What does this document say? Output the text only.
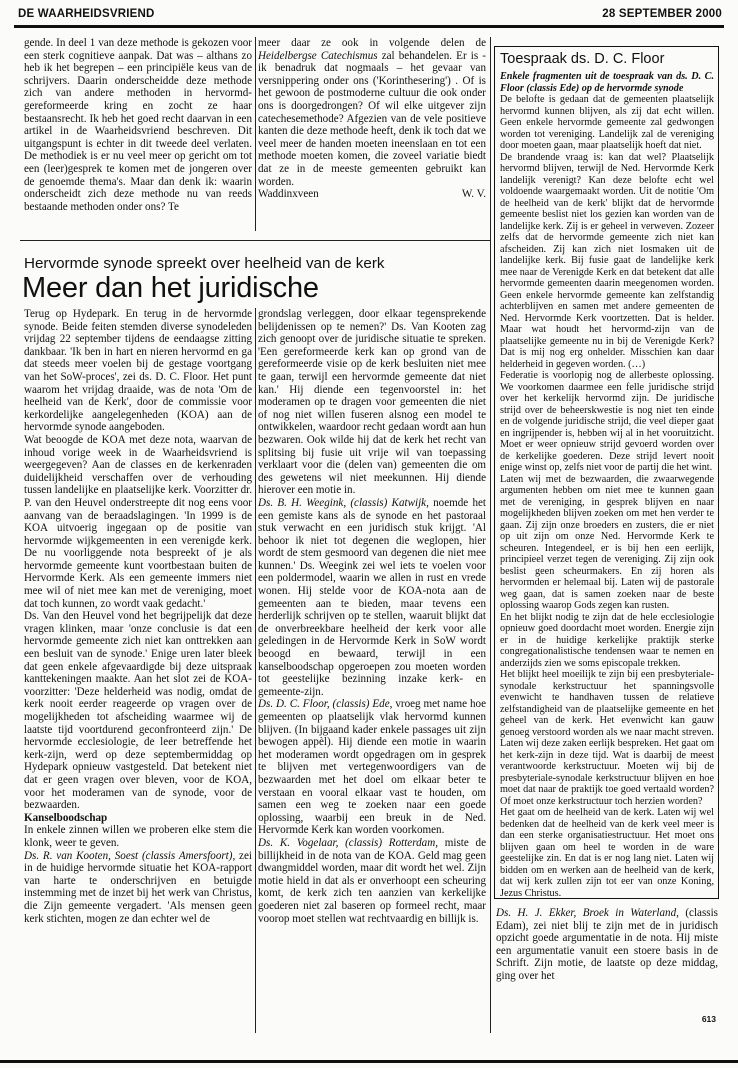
DE WAARHEIDSVRIEND	28 SEPTEMBER 2000

gende. In deel 1 van deze methode is gekozen voor een sterk cognitieve aanpak. Dat was – althans zo heb ik het begrepen – een principiële keus van de schrijvers. Daarin onderscheidde deze methode zich van andere methoden in hervormd-gereformeerde kring en zocht ze haar bestaansrecht. Ik heb het goed recht daarvan in een artikel in de Waarheidsvriend beschreven. Dit uitgangspunt is echter in dit tweede deel verlaten. De methodiek is er nu veel meer op gericht om tot een (leer)gesprek te komen met de jongeren over de genoemde thema's. Maar dan denk ik: waarin onderscheidt zich deze methode nu van reeds bestaande methoden onder ons? Te

meer daar ze ook in volgende delen de Heidelbergse Catechismus zal behandelen. Er is - ik benadruk dat nogmaals – het gevaar van versnippering onder ons ('Korinthesering') . Of is het gewoon de postmoderne cultuur die ook onder ons is doorgedrongen? Of wil elke uitgever zijn catechesemethode? Afgezien van de vele positieve kanten die deze methode heeft, denk ik toch dat we veel meer de handen moeten ineenslaan en tot een methode moeten komen, die zoveel variatie biedt dat ze in de meeste gemeenten gebruikt kan worden.

Waddinxveen	W. V.
Hervormde synode spreekt over heelheid van de kerk
Meer dan het juridische

Terug op Hydepark. En terug in de hervormde synode. Beide feiten stemden diverse synodeleden vrijdag 22 september tijdens de eendaagse zitting dankbaar. 'Ik ben in hart en nieren hervormd en ga dat steeds meer voelen bij de gestage voortgang van het SoW-proces', zei ds. D. C. Floor. Het punt waarom het vrijdag draaide, was de nota 'Om de heelheid van de Kerk', door de commissie voor kerkordelijke aangelegenheden (KOA) aan de hervormde synode aangeboden.

Wat beoogde de KOA met deze nota, waarvan de inhoud vorige week in de Waarheidsvriend is weergegeven? Aan de classes en de kerkenraden duidelijkheid verschaffen over de verhouding tussen landelijke en plaatselijke kerk. Voorzitter dr. P. van den Heuvel onderstreepte dit nog eens voor aanvang van de beraadslagingen. 'In 1999 is de KOA uitvoerig ingegaan op de positie van hervormde wijkgemeenten in een verenigde kerk. De nu voorliggende nota bespreekt of je als hervormde gemeente kunt voortbestaan buiten de Hervormde Kerk. Als een gemeente immers niet mee wil of niet mee kan met de vereniging, moet dat toch kunnen, zo wordt vaak gedacht.'

Ds. Van den Heuvel vond het begrijpelijk dat deze vragen klinken, maar 'onze conclusie is dat een hervormde gemeente zich niet kan onttrekken aan een besluit van de synode.' Enige uren later bleek dat geen enkele afgevaardigde bij deze uitspraak kanttekeningen maakte. Aan het slot zei de KOA-voorzitter: 'Deze helderheid was nodig, omdat de kerk nooit eerder reageerde op vragen over de mogelijkheden tot afscheiding waarmee wij de laatste tijd voortdurend geconfronteerd zijn.' De hervormde ecclesiologie, de leer betreffende het kerk-zijn, werd op deze septembermiddag op Hydepark opnieuw vastgesteld. Dat betekent niet dat er geen vragen over bleven, voor de KOA, voor het moderamen van de synode, voor de bezwaarden.

Kanselboodschap

In enkele zinnen willen we proberen elke stem die klonk, weer te geven.

Ds. R. van Kooten, Soest (classis Amersfoort), zei in de huidige hervormde situatie het KOA-rapport van harte te onderschrijven en betuigde instemming met de inzet bij het werk van Christus, die Zijn gemeente vergadert. 'Als mensen geen kerk stichten, mogen ze dan echter wel de

grondslag verleggen, door elkaar tegensprekende belijdenissen op te nemen?' Ds. Van Kooten zag zich genoopt over de juridische situatie te spreken. 'Een gereformeerde kerk kan op grond van de gereformeerde visie op de kerk besluiten niet mee te gaan, terwijl een hervormde gemeente dat niet kan.' Hij diende een tegenvoorstel in: het moderamen op te dragen voor gemeenten die niet of nog niet willen fuseren alsnog een model te ontwikkelen, waardoor recht gedaan wordt aan hun bezwaren. Ook wilde hij dat de kerk het recht van splitsing bij fusie uit vrije wil van toepassing verklaart voor die (delen van) gemeenten die om des gewetens wil niet meekunnen. Hij diende hierover een motie in.

Ds. B. H. Weegink, (classis) Katwijk, noemde het een gemiste kans als de synode en het pastoraal stuk verwacht en een juridisch stuk krijgt. 'Al behoor ik niet tot degenen die weglopen, hier wordt de stem gesmoord van degenen die niet mee kunnen.' Ds. Weegink zei wel iets te voelen voor een poldermodel, waarin we allen in rust en vrede wonen. Hij stelde voor de KOA-nota aan de gemeenten aan te bieden, maar tevens een herderlijk schrijven op te stellen, waaruit blijkt dat de onverbreekbare heelheid der kerk voor alle geledingen in de Hervormde Kerk in SoW wordt beoogd en bewaard, terwijl in een kanselboodschap opgeroepen zou moeten worden tot geestelijke bezinning inzake kerk- en gemeente-zijn.

Ds. D. C. Floor, (classis) Ede, vroeg met name hoe gemeenten op plaatselijk vlak hervormd kunnen blijven. (In bijgaand kader enkele passages uit zijn bewogen appèl). Hij diende een motie in waarin het moderamen wordt opgedragen om in gesprek te blijven met vertegenwoordigers van de bezwaarden met het doel om elkaar beter te verstaan en vooral elkaar vast te houden, om samen een weg te zoeken naar een goede oplossing, waarbij een breuk in de Ned. Hervormde Kerk kan worden voorkomen.

Ds. K. Vogelaar, (classis) Rotterdam, miste de billijkheid in de nota van de KOA. Geld mag geen dwangmiddel worden, maar dit wordt het wel. Zijn motie hield in dat als er onverhoopt een scheuring komt, de kerk zich ten aanzien van kerkelijke goederen niet zal baseren op formeel recht, maar voorop moet stellen wat rechtvaardig en billijk is.

Toespraak ds. D. C. Floor
Enkele fragmenten uit de toespraak van ds. D. C. Floor (classis Ede) op de hervormde synode

De belofte is gedaan dat de gemeenten plaatselijk hervormd kunnen blijven, als zij dat echt willen. Geen enkele hervormde gemeente zal gedwongen worden tot vereniging. Landelijk zal de vereniging door moeten gaan, maar plaatselijk hoeft dat niet.

De brandende vraag is: kan dat wel? Plaatselijk hervormd blijven, terwijl de Ned. Hervormde Kerk landelijk verenigt? Kan deze belofte echt wel voldoende waargemaakt worden. Uit de notitie 'Om de heelheid van de kerk' blijkt dat de hervormde gemeente beslist niet los gezien kan worden van de landelijke kerk. Zij is er geheel in verweven. Zozeer zelfs dat de hervormde gemeente zich niet kan afscheiden. Zij kan zich niet losmaken uit de landelijke kerk. Bij fusie gaat de landelijke kerk mee naar de Verenigde Kerk en dat betekent dat alle hervormde gemeenten daarin meegenomen worden. Geen enkele hervormde gemeente kan zelfstandig achterblijven en samen met andere gemeenten de Ned. Hervormde Kerk voortzetten. Dat is helder. Maar wat houdt het hervormd-zijn van de plaatselijke gemeente nu in bij de Verenigde Kerk? Dat is mij nog erg onhelder. Misschien kan daar helderheid in gegeven worden. (…)

Federatie is voorlopig nog de allerbeste oplossing. We voorkomen daarmee een felle juridische strijd over het kerkelijk hervormd zijn. De juridische strijd over de beheerskwestie is nog niet ten einde en de volgende juridische strijd, die veel dieper gaat en ingrijpender is, hebben wij al in het vooruitzicht. Moet er weer opnieuw strijd gevoerd worden over de kerkelijke goederen. Deze strijd levert nooit enige winst op, zelfs niet voor de partij die het wint.

Laten wij met de bezwaarden, die zwaarwegende argumenten hebben om niet mee te kunnen gaan met de vereniging, in gesprek blijven en naar mogelijkheden blijven zoeken om met hen verder te gaan. Zij zijn onze broeders en zusters, die er niet op uit zijn om onze Ned. Hervormde Kerk te scheuren. Integendeel, er is bij hen een eerlijk, principieel verzet tegen de vereniging. Zij zijn ook beslist geen scheurmakers. En zij horen als hervormden er helemaal bij. Laten wij de pastorale weg gaan, dat is samen zoeken naar de beste oplossing waarop Gods zegen kan rusten.

En het blijkt nodig te zijn dat de hele ecclesiologie opnieuw goed doordacht moet worden. Energie zijn er in de huidige kerkelijke praktijk sterke congregationalistische tendensen waar te nemen en anderzijds zien we soms episcopale trekken.

Het blijkt heel moeilijk te zijn bij een presbyteriale-synodale kerkstructuur het spanningsvolle evenwicht te handhaven tussen de relatieve zelfstandigheid van de plaatselijke gemeente en het geheel van de kerk. Het evenwicht kan gauw genoeg verstoord worden als we naar macht streven.

Laten wij deze zaken eerlijk bespreken. Het gaat om het kerk-zijn in deze tijd. Wat is daarbij de meest verantwoorde kerkstructuur. Moeten wij bij de presbyteriale-synodale kerkstructuur blijven en hoe moet dat naar de praktijk toe goed vertaald worden? Of moet onze kerkstructuur toch herzien worden?

Het gaat om de heelheid van de kerk. Laten wij wel bedenken dat de heelheid van de kerk veel meer is dan een sterke organisatiestructuur. Het moet ons blijven gaan om heel te worden in de ware geestelijke zin. En dat is er nog lang niet. Laten wij bidden om en werken aan de heelheid van de kerk, dat wij kerk zullen zijn tot eer van onze Koning, Jezus Christus.

Ds. H. J. Ekker, Broek in Waterland, (classis Edam), zei niet blij te zijn met de in juridisch opzicht goede argumentatie in de nota. Hij miste een argumentatie vanuit een stoere basis in de Schrift. Zijn motie, de laatste op deze middag, ging over het

613
